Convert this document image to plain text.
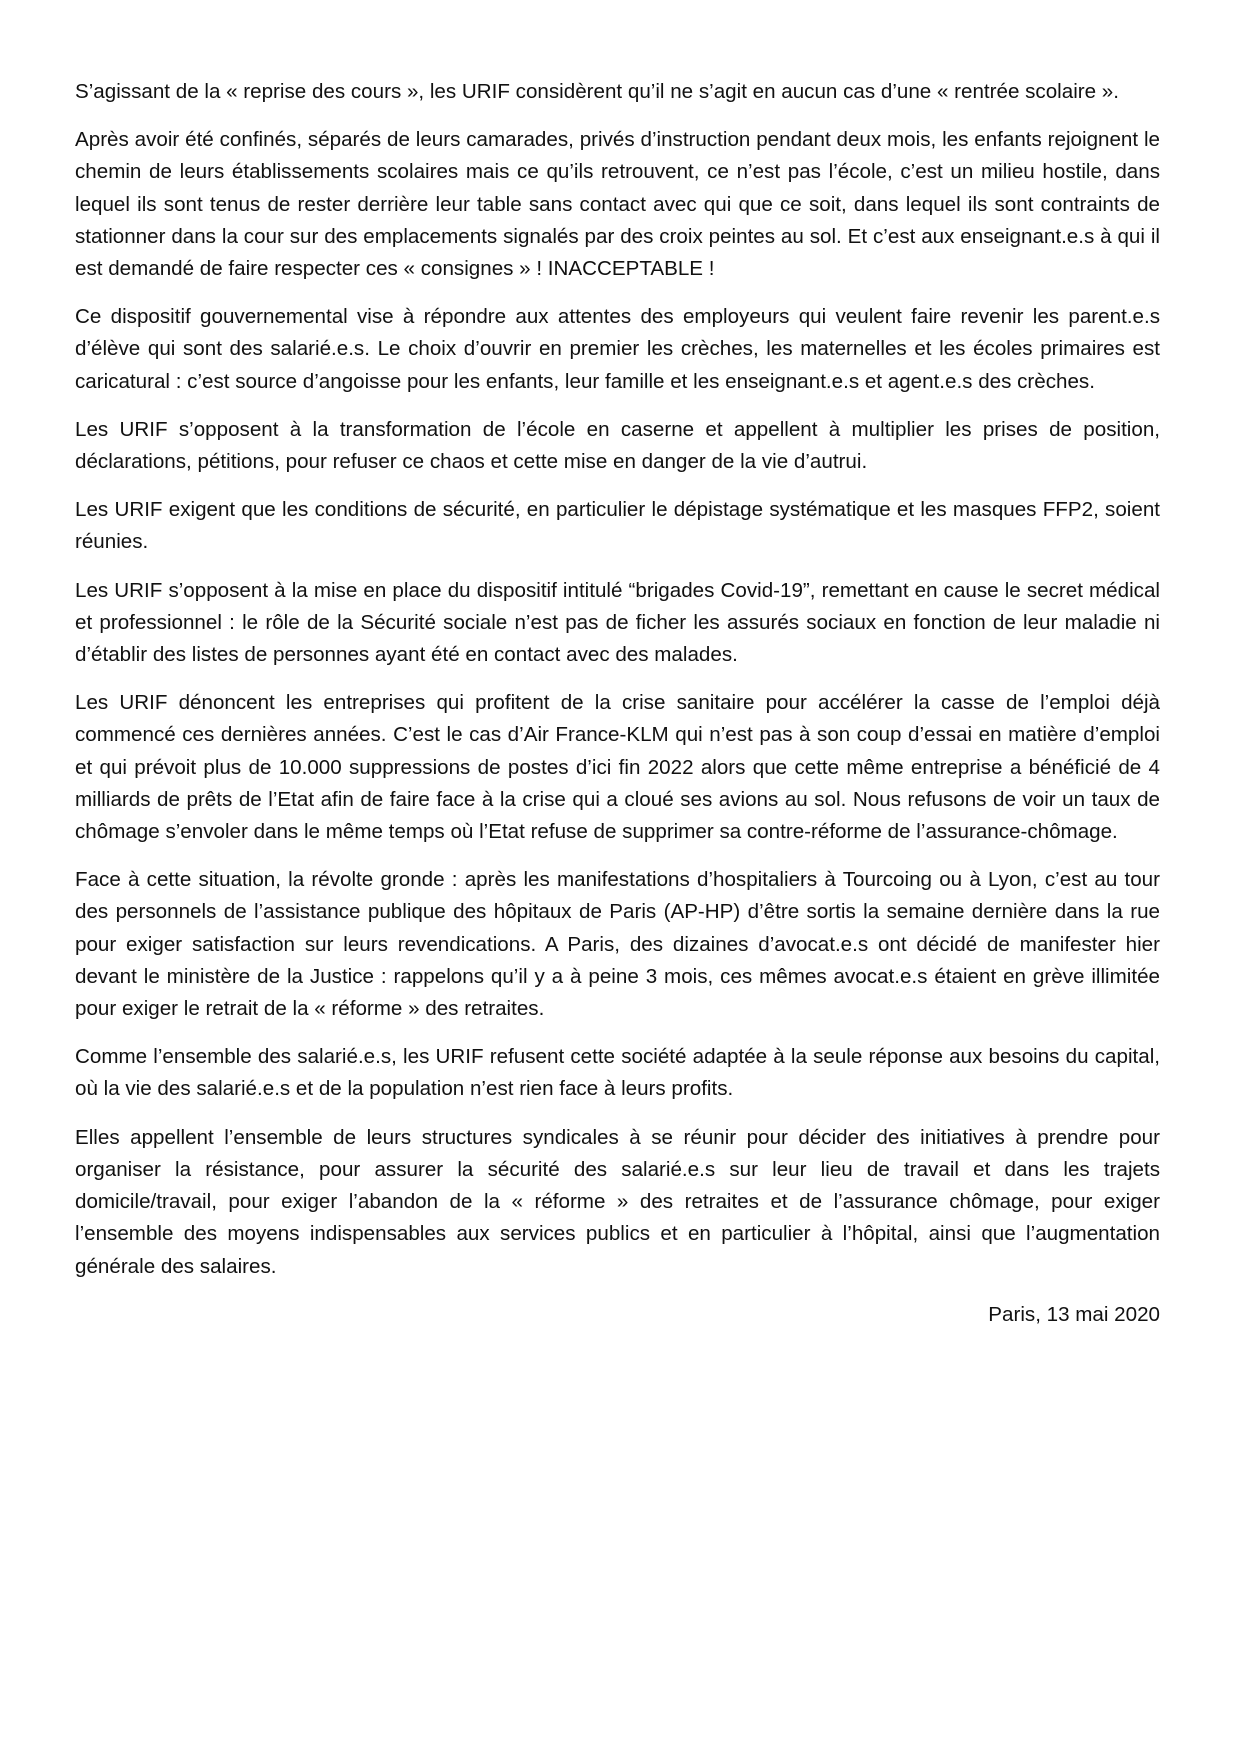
S’agissant de la « reprise des cours », les URIF considèrent qu’il ne s’agit en aucun cas d’une « rentrée scolaire ».

Après avoir été confinés, séparés de leurs camarades, privés d’instruction pendant deux mois, les enfants rejoignent le chemin de leurs établissements scolaires mais ce qu’ils retrouvent, ce n’est pas l’école, c’est un milieu hostile, dans lequel ils sont tenus de rester derrière leur table sans contact avec qui que ce soit, dans lequel ils sont contraints de stationner dans la cour sur des emplacements signalés par des croix peintes au sol. Et c’est aux enseignant.e.s à qui il est demandé de faire respecter ces « consignes » ! INACCEPTABLE !

Ce dispositif gouvernemental vise à répondre aux attentes des employeurs qui veulent faire revenir les parent.e.s d’élève qui sont des salarié.e.s. Le choix d’ouvrir en premier les crèches, les maternelles et les écoles primaires est caricatural : c’est source d’angoisse pour les enfants, leur famille et les enseignant.e.s et agent.e.s des crèches.

Les URIF s’opposent à la transformation de l’école en caserne et appellent à multiplier les prises de position, déclarations, pétitions, pour refuser ce chaos et cette mise en danger de la vie d’autrui.

Les URIF exigent que les conditions de sécurité, en particulier le dépistage systématique et les masques FFP2, soient réunies.

Les URIF s’opposent à la mise en place du dispositif intitulé “brigades Covid-19”, remettant en cause le secret médical et professionnel : le rôle de la Sécurité sociale n’est pas de ficher les assurés sociaux en fonction de leur maladie ni d’établir des listes de personnes ayant été en contact avec des malades.

Les URIF dénoncent les entreprises qui profitent de la crise sanitaire pour accélérer la casse de l’emploi déjà commencé ces dernières années. C’est le cas d’Air France-KLM qui n’est pas à son coup d’essai en matière d’emploi et qui prévoit plus de 10.000 suppressions de postes d’ici fin 2022 alors que cette même entreprise a bénéficié de 4 milliards de prêts de l’Etat afin de faire face à la crise qui a cloué ses avions au sol. Nous refusons de voir un taux de chômage s’envoler dans le même temps où l’Etat refuse de supprimer sa contre-réforme de l’assurance-chômage.

Face à cette situation, la révolte gronde : après les manifestations d’hospitaliers à Tourcoing ou à Lyon, c’est au tour des personnels de l’assistance publique des hôpitaux de Paris (AP-HP) d’être sortis la semaine dernière dans la rue pour exiger satisfaction sur leurs revendications. A Paris, des dizaines d’avocat.e.s ont décidé de manifester hier devant le ministère de la Justice : rappelons qu’il y a à peine 3 mois, ces mêmes avocat.e.s étaient en grève illimitée pour exiger le retrait de la « réforme » des retraites.

Comme l’ensemble des salarié.e.s, les URIF refusent cette société adaptée à la seule réponse aux besoins du capital, où la vie des salarié.e.s et de la population n’est rien face à leurs profits.

Elles appellent l’ensemble de leurs structures syndicales à se réunir pour décider des initiatives à prendre pour organiser la résistance, pour assurer la sécurité des salarié.e.s sur leur lieu de travail et dans les trajets domicile/travail, pour exiger l’abandon de la « réforme » des retraites et de l’assurance chômage, pour exiger l’ensemble des moyens indispensables aux services publics et en particulier à l’hôpital, ainsi que l’augmentation générale des salaires.

Paris, 13 mai 2020
